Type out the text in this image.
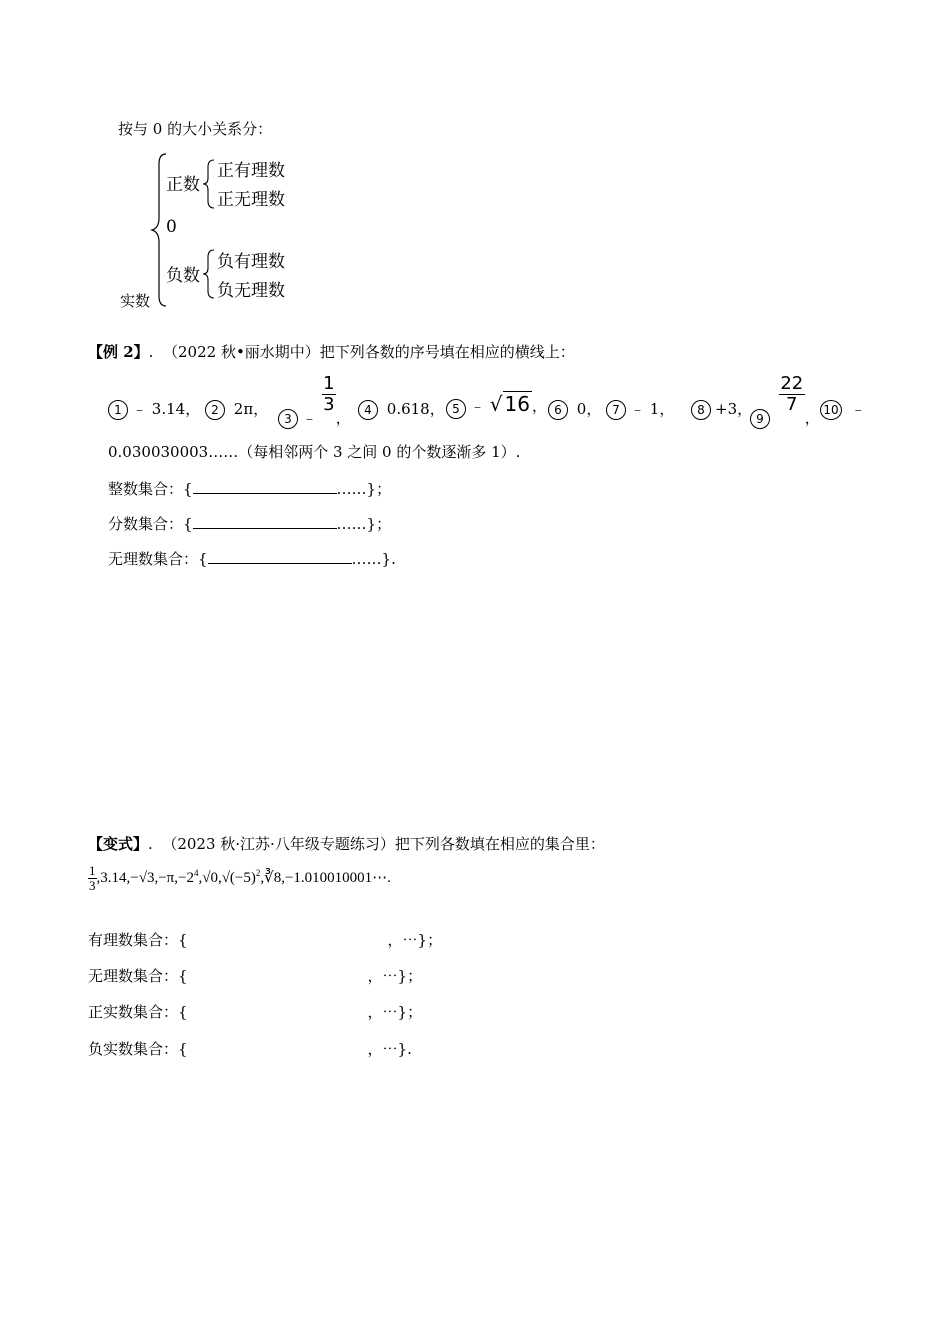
按与 0 的大小关系分：
实数
正数
正有理数
正无理数
0
负数
负有理数
负无理数
【例 2】. （2022 秋•丽水期中）把下列各数的序号填在相应的横线上：
1 ﹣ 3.14， 2 2π，
3 ﹣
$\frac{1}{3}$
，	4 0.618， 5 ﹣ √ 16 ， 6 0， 7 ﹣ 1，	8 +3，
9
$\frac{22}{7}$
， 10 ﹣
0.030030003……（每相邻两个 3 之间 0 的个数逐渐多 1）.
整数集合：{	……}；
分数集合：{	……}；
无理数集合：{	……}.
【变式】. （2023 秋·江苏·八年级专题练习）把下列各数填在相应的集合里：
$\frac{1}{3}$ $,3.14,-√3,-\pi,-2^4,√0,√(-5)^2,∛8,-1.010010001\cdots$.
有理数集合：{	，⋯}；
无理数集合：{	，⋯}；
正实数集合：{	，⋯}；
负实数集合：{	，⋯}.
